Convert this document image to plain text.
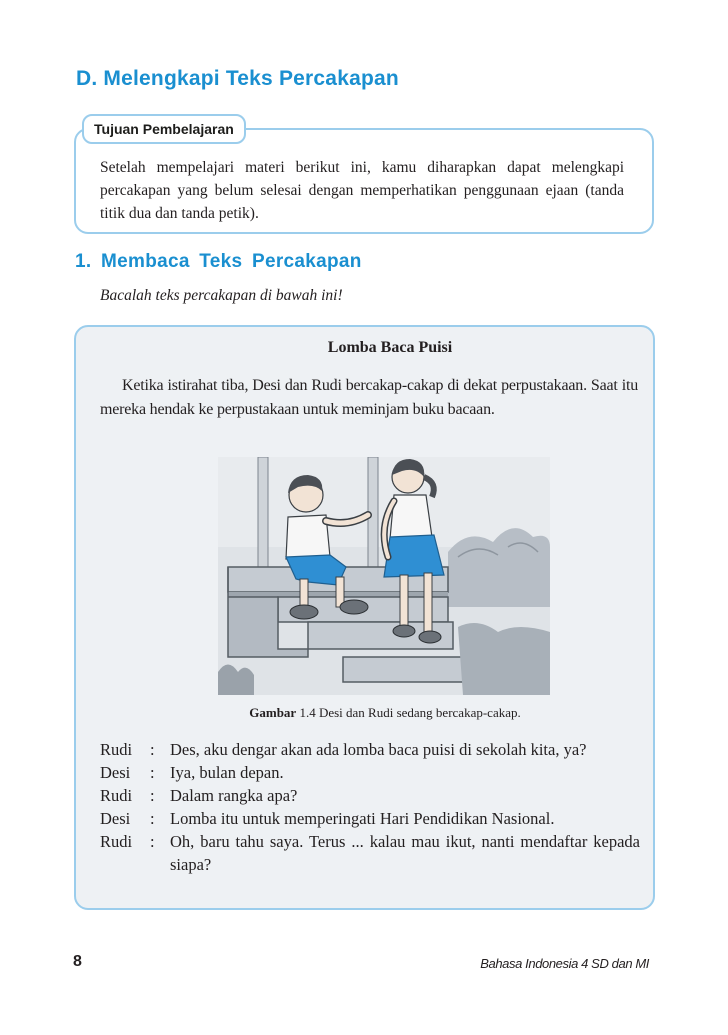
D. Melengkapi Teks Percakapan
Tujuan Pembelajaran

Setelah mempelajari materi berikut ini, kamu diharapkan dapat melengkapi percakapan yang belum selesai dengan memperhatikan penggunaan ejaan (tanda titik dua dan tanda petik).

1. Membaca Teks Percakapan
Bacalah teks percakapan di bawah ini!
Lomba Baca Puisi

Ketika istirahat tiba, Desi dan Rudi bercakap-cakap di dekat perpustakaan. Saat itu mereka hendak ke perpustakaan untuk meminjam buku bacaan.

Gambar 1.4 Desi dan Rudi sedang bercakap-cakap.
Rudi	: Des, aku dengar akan ada lomba baca puisi di sekolah kita, ya?
Desi	: Iya, bulan depan.
Rudi	: Dalam rangka apa?
Desi	: Lomba itu untuk memperingati Hari Pendidikan Nasional.
Rudi	: Oh, baru tahu saya. Terus ... kalau mau ikut, nanti mendaftar kepada siapa?
8	Bahasa Indonesia 4 SD dan MI
